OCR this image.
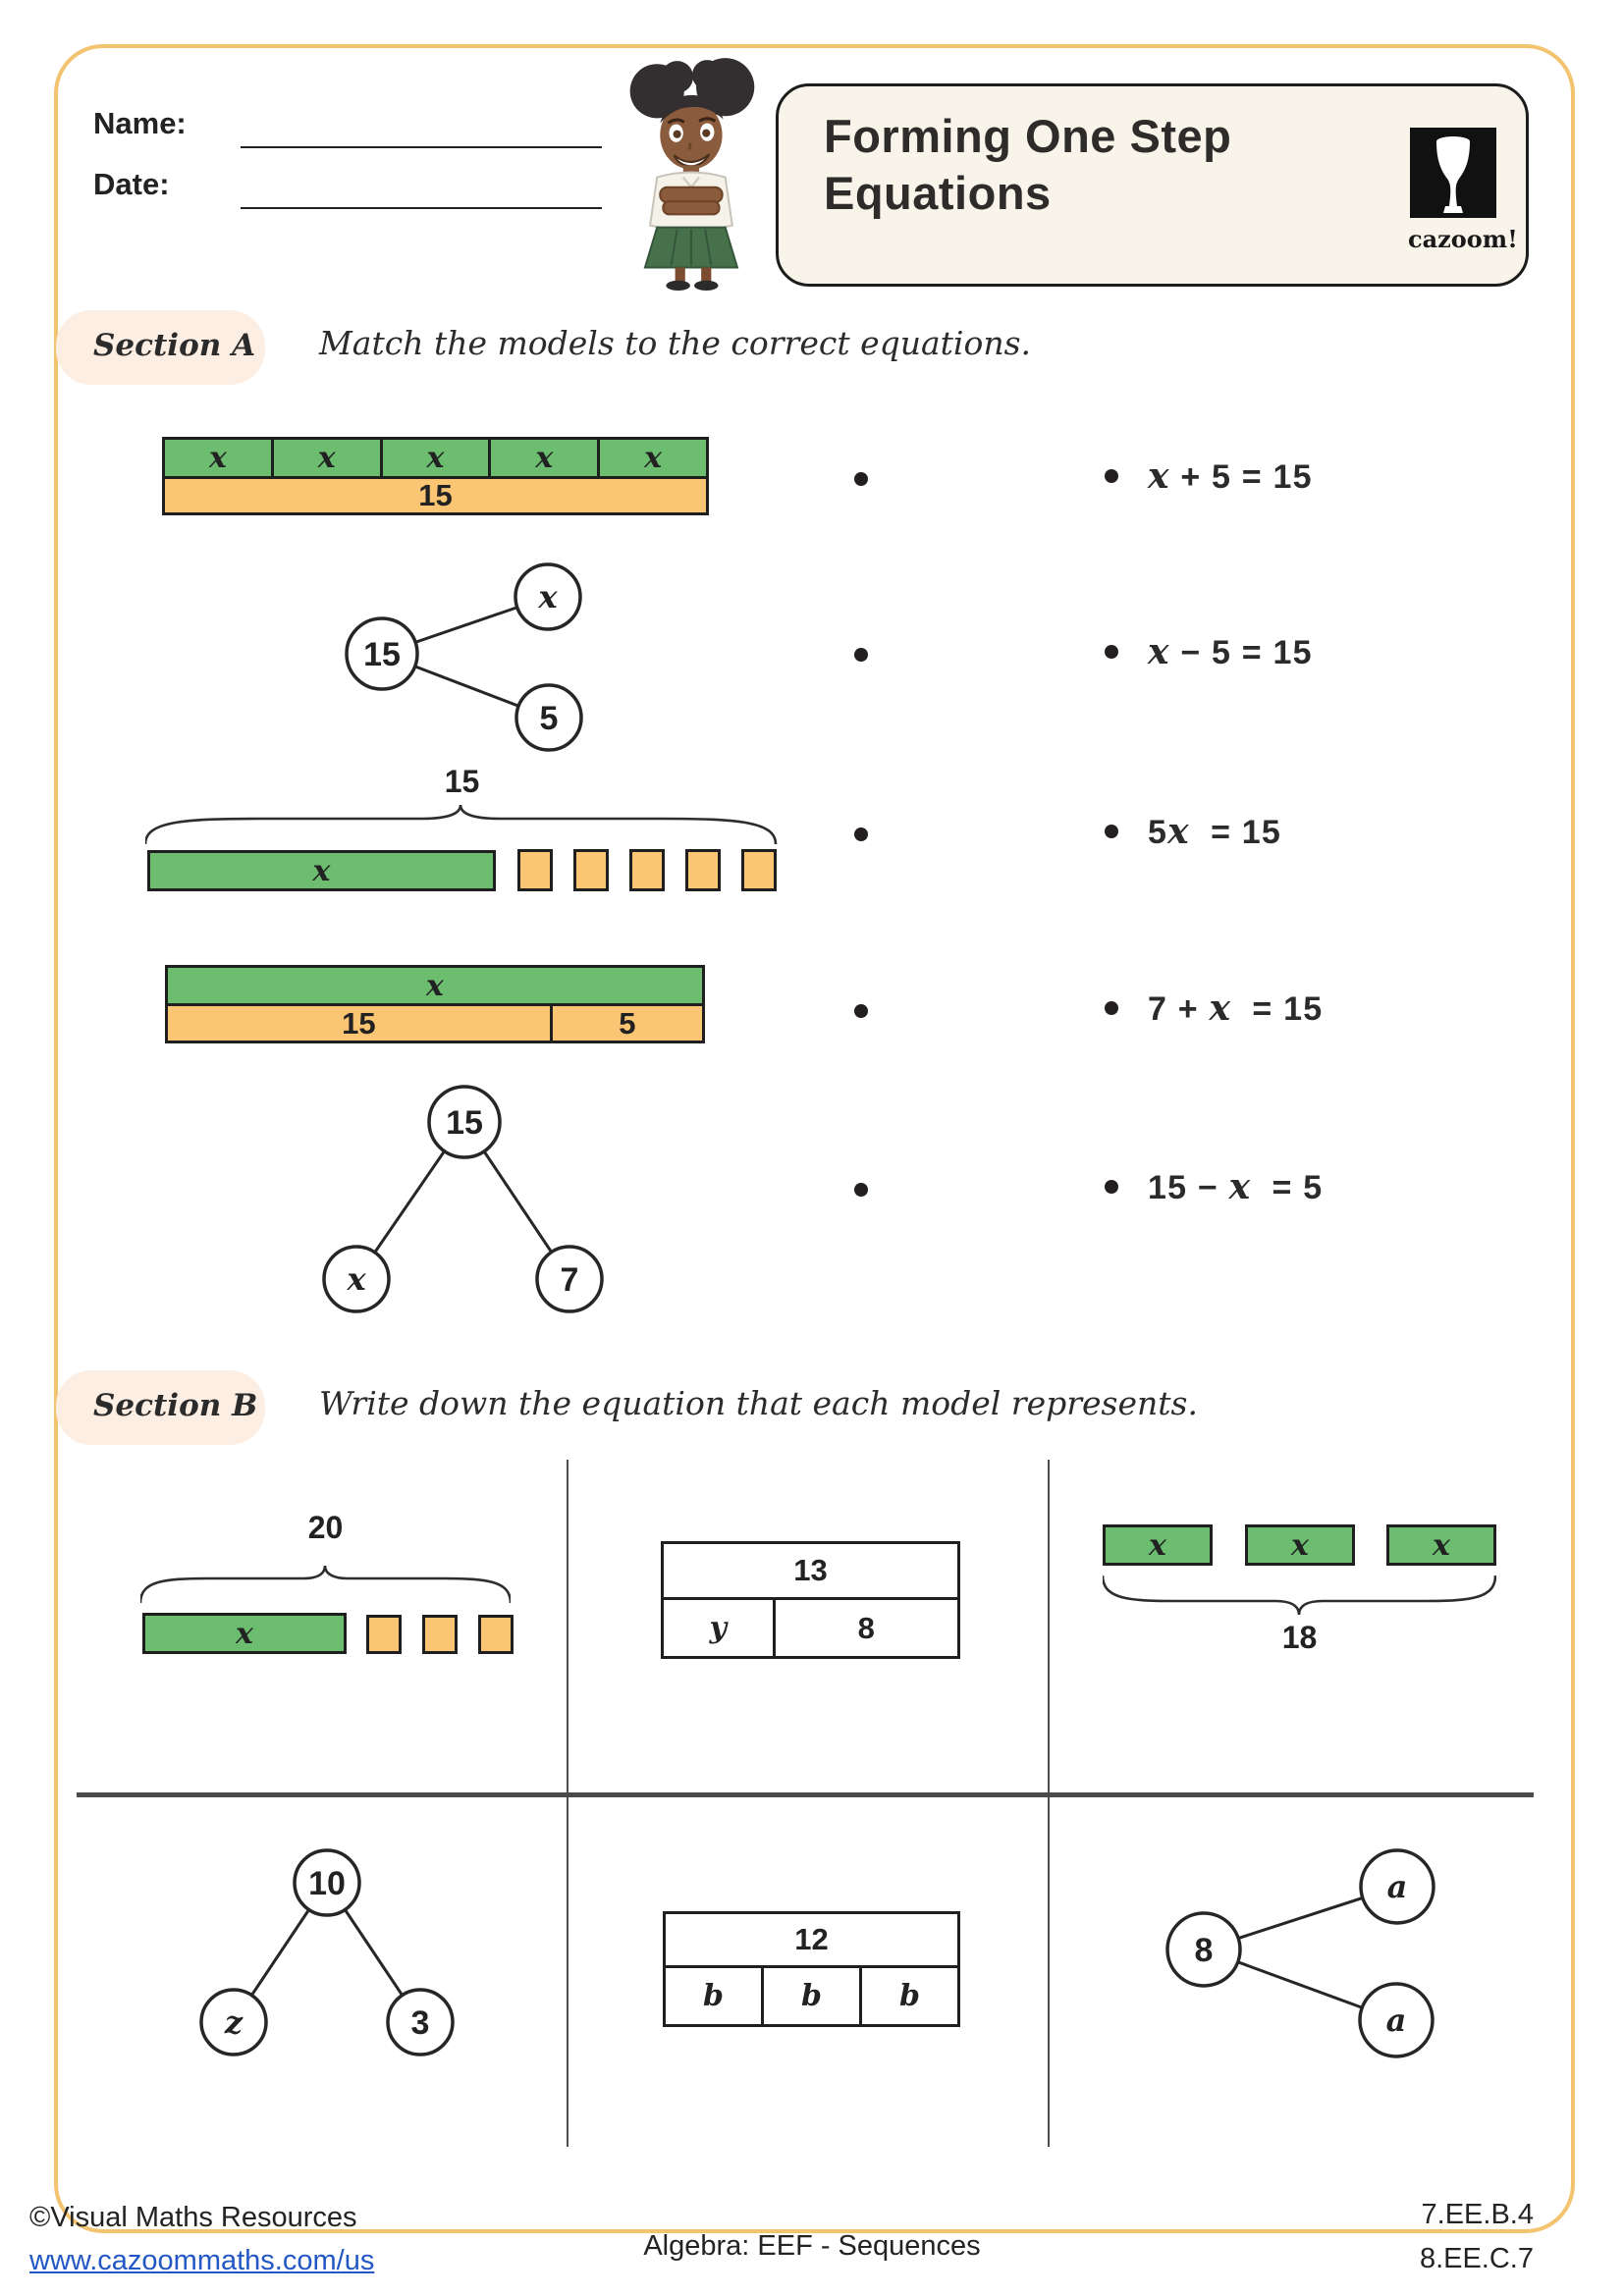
Name:
Date:
Forming One Step
Equations
cazoom!
Section A Match the models to the correct equations.
x	x	x	x	x
15
15
x
5
15
x
x
15	5
15
x	7
x + 5 = 15
x − 5 = 15
5x  = 15
7 + x  = 15
15 − x  = 5
Section B Write down the equation that each model represents.
20
x
13
y	8
x	x	x
18
10
z	3
12
b	b	b
8
a
a
©Visual Maths Resources
www.cazoommaths.com/us	Algebra: EEF - Sequences
7.EE.B.4
8.EE.C.7
